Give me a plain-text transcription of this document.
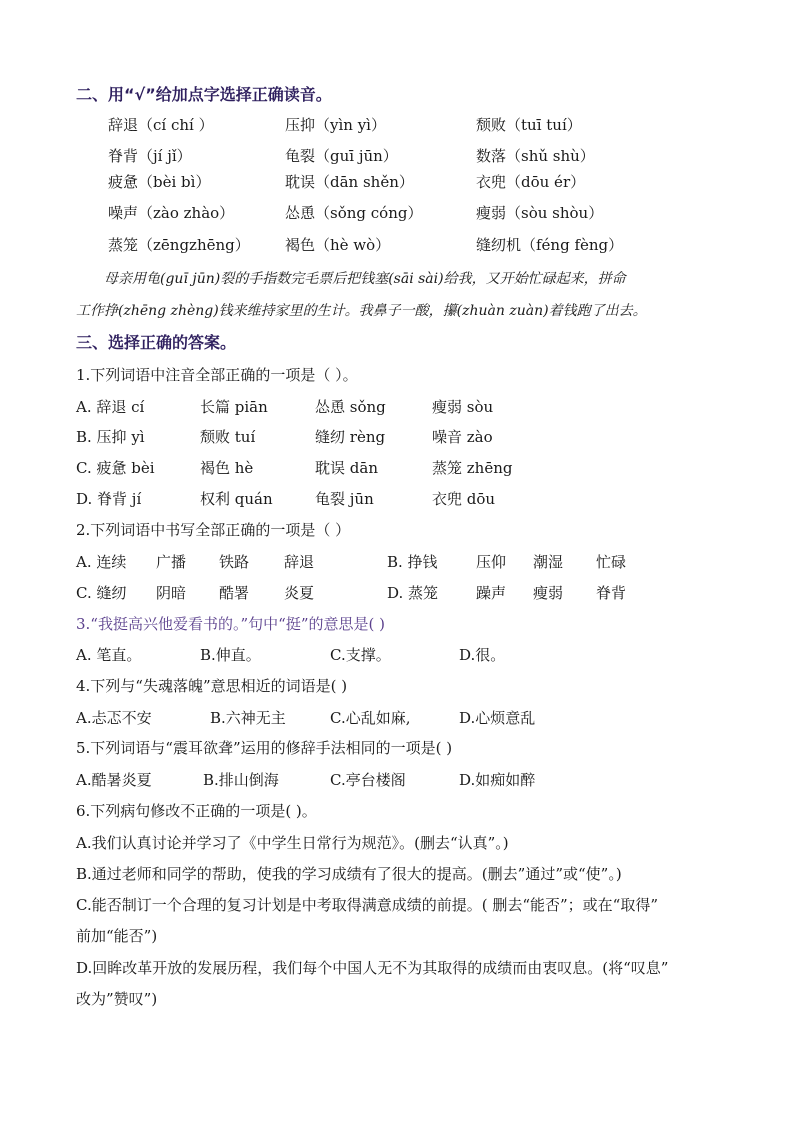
二、用“√”给加点字选择正确读音。
辞退（cí chí ）	压抑（yìn yì）	颓败（tuī tuí）
脊背（jí jǐ）	龟裂（guī jūn）	数落（shǔ shù）
疲惫（bèi bì）	耽误（dān shěn）	衣兜（dōu ér）
噪声（zào zhào）	怂恿（sǒng cóng）	瘦弱（sòu shòu）
蒸笼（zēngzhēng） 褐色（hè wò）	缝纫机（féng fèng）
母亲用龟(guī jūn)裂的手指数完毛票后把钱塞(sāi sài)给我，又开始忙碌起来，拼命
工作挣(zhēng zhèng)钱来维持家里的生计。我鼻子一酸，攥(zhuàn zuàn)着钱跑了出去。
三、选择正确的答案。
1.下列词语中注音全部正确的一项是（ ）。
A. 辞退 cí	长篇 piān	怂恿 sǒng	瘦弱 sòu
B. 压抑 yì	颓败 tuí	缝纫 rèng	噪音 zào
C. 疲惫 bèi	褐色 hè	耽误 dān	蒸笼 zhēng
D. 脊背 jí	权利 quán	龟裂 jūn	衣兜 dōu
2.下列词语中书写全部正确的一项是（ ）
A. 连续 广播 铁路 辞退	B. 挣钱	压仰 潮湿 忙碌
C. 缝纫 阴暗 酷署 炎夏	D. 蒸笼	躁声 瘦弱 脊背
3.“我挺高兴他爱看书的。”句中“挺”的意思是( )
A. 笔直。	B.伸直。	C.支撑。	D.很。
4.下列与“失魂落魄”意思相近的词语是( )
A.忐忑不安	B.六神无主	C.心乱如麻,	D.心烦意乱
5.下列词语与“震耳欲聋”运用的修辞手法相同的一项是( )
A.酷暑炎夏	B.排山倒海	C.亭台楼阁	D.如痴如醉
6.下列病句修改不正确的一项是( )。
A.我们认真讨论并学习了《中学生日常行为规范》。(删去“认真”。)
B.通过老师和同学的帮助，使我的学习成绩有了很大的提高。(删去”通过”或“使”。)
C.能否制订一个合理的复习计划是中考取得满意成绩的前提。( 删去“能否”；或在“取得”
前加“能否”)
D.回眸改革开放的发展历程，我们每个中国人无不为其取得的成绩而由衷叹息。(将“叹息”
改为”赞叹”)
